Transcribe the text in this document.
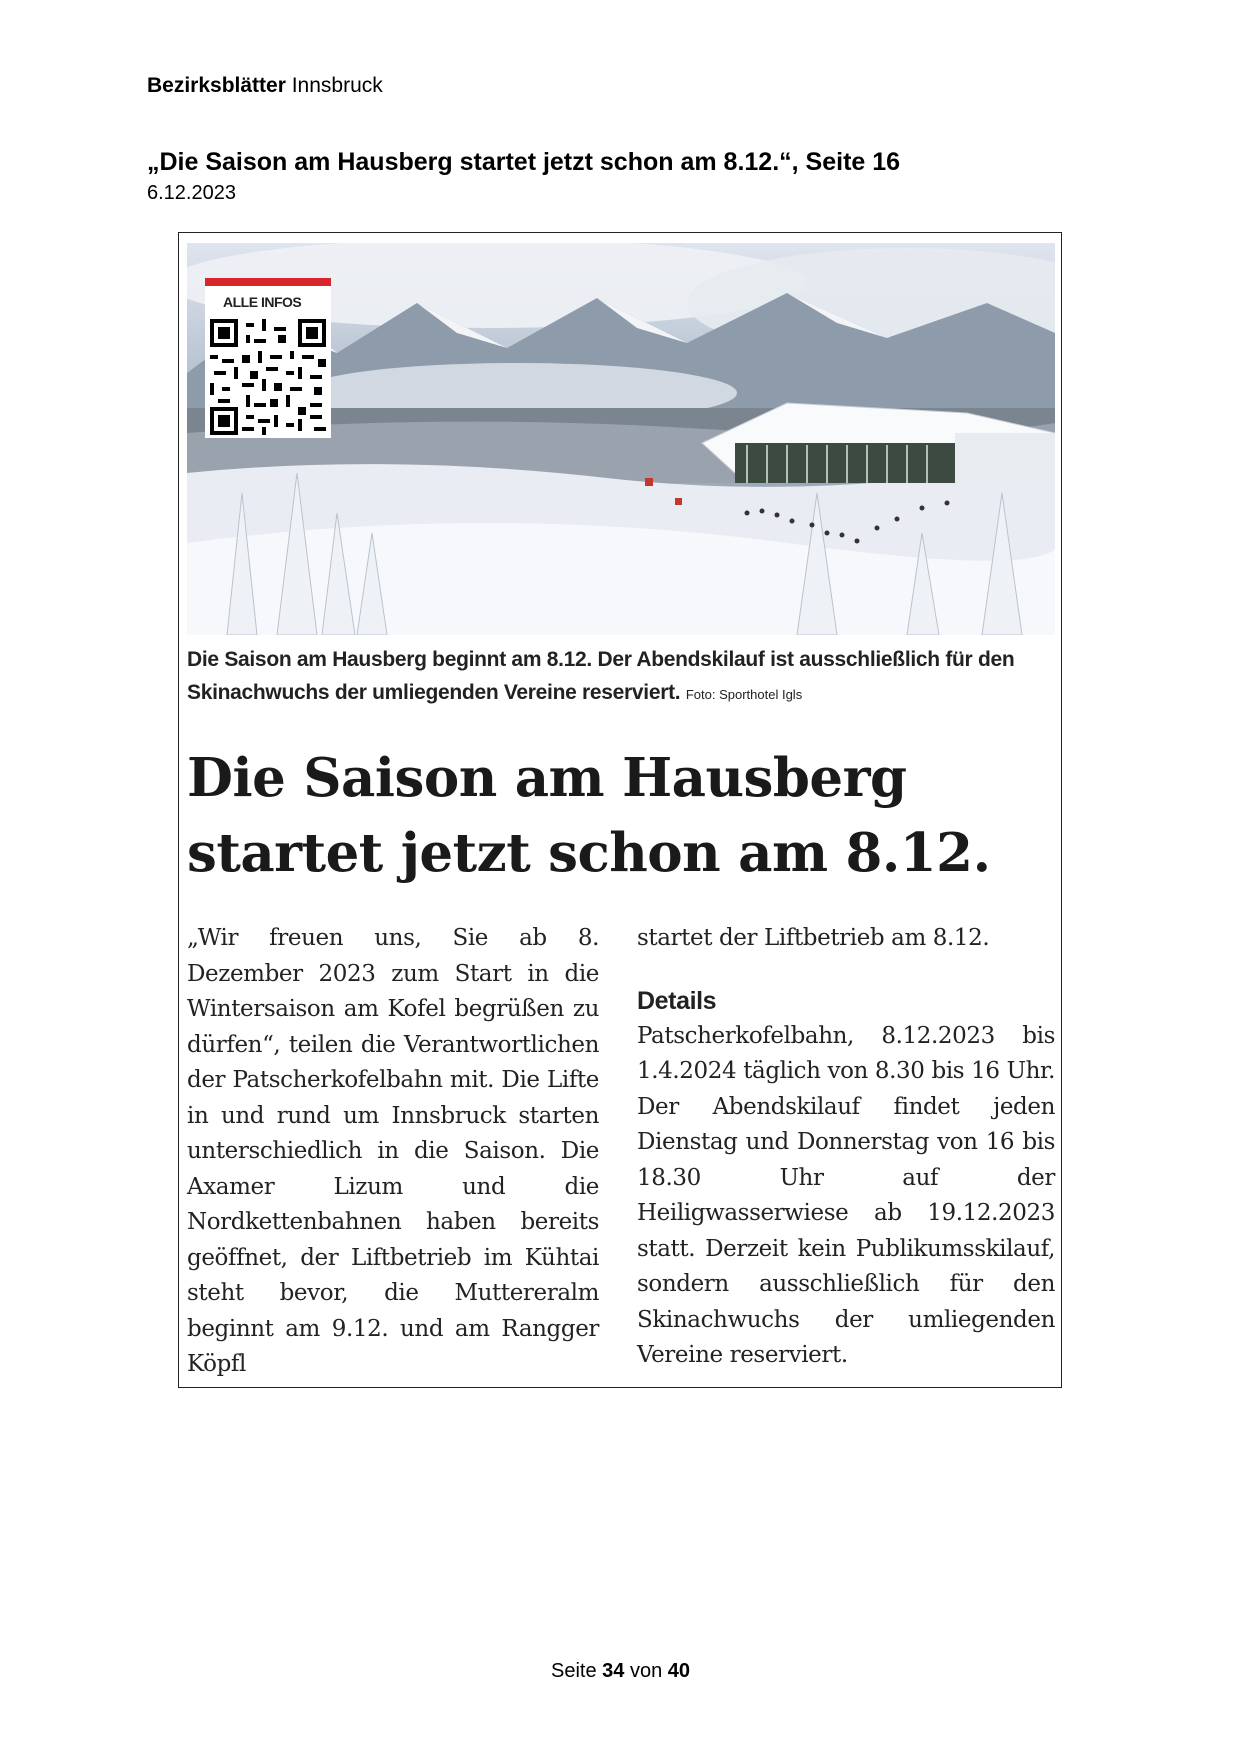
Bezirksblätter Innsbruck
„Die Saison am Hausberg startet jetzt schon am 8.12.“, Seite 16
6.12.2023
ALLE INFOS
Die Saison am Hausberg beginnt am 8.12. Der Abendskilauf ist ausschließlich für den Skinachwuchs der umliegenden Vereine reserviert. Foto: Sporthotel Igls
Die Saison am Hausberg startet jetzt schon am 8.12.
„Wir freuen uns, Sie ab 8. Dezember 2023 zum Start in die Wintersaison am Kofel begrüßen zu dürfen“, teilen die Verantwortlichen der Patscherkofelbahn mit. Die Lifte in und rund um Innsbruck starten unterschiedlich in die Saison. Die Axamer Lizum und die Nordkettenbahnen haben bereits geöffnet, der Liftbetrieb im Kühtai steht bevor, die Muttereralm beginnt am 9.12. und am Rangger Köpfl
startet der Liftbetrieb am 8.12.
Details
Patscherkofelbahn, 8.12.2023 bis 1.4.2024 täglich von 8.30 bis 16 Uhr. Der Abendskilauf findet jeden Dienstag und Donnerstag von 16 bis 18.30 Uhr auf der Heiligwasserwiese ab 19.12.2023 statt. Derzeit kein Publikumsskilauf, sondern ausschließlich für den Skinachwuchs der umliegenden Vereine reserviert.
Seite 34 von 40
